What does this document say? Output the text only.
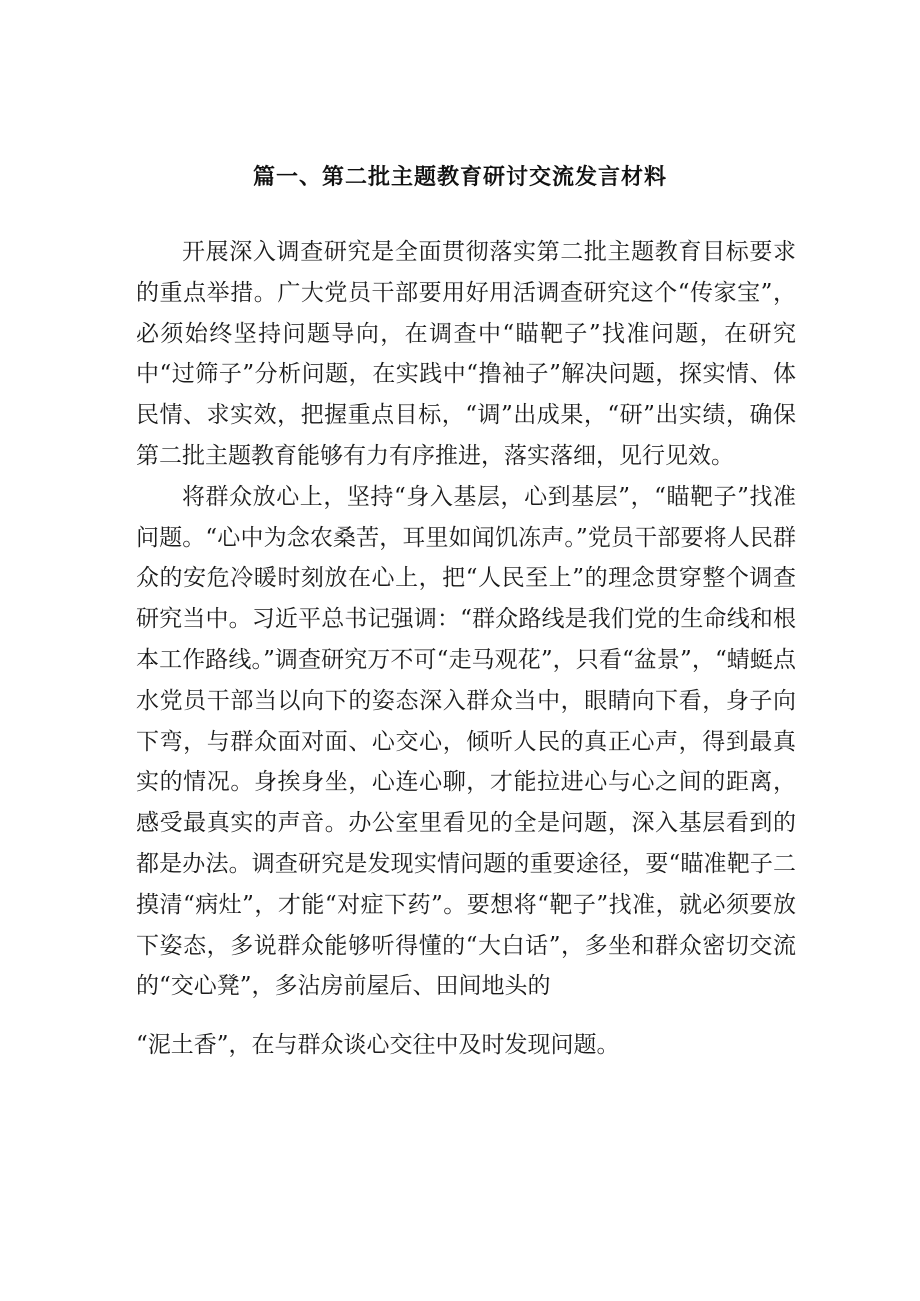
篇一、第二批主题教育研讨交流发言材料

开展深入调查研究是全面贯彻落实第二批主题教育目标要求的重点举措。广大党员干部要用好用活调查研究这个“传家宝”，必须始终坚持问题导向，在调查中“瞄靶子”找准问题，在研究中“过筛子”分析问题，在实践中“撸袖子”解决问题，探实情、体民情、求实效，把握重点目标，“调”出成果，“研”出实绩，确保第二批主题教育能够有力有序推进，落实落细，见行见效。

将群众放心上，坚持“身入基层，心到基层”，“瞄靶子”找准问题。“心中为念农桑苦，耳里如闻饥冻声。”党员干部要将人民群众的安危冷暖时刻放在心上，把“人民至上”的理念贯穿整个调查研究当中。习近平总书记强调：“群众路线是我们党的生命线和根本工作路线。”调查研究万不可“走马观花”，只看“盆景”，“蜻蜓点水党员干部当以向下的姿态深入群众当中，眼睛向下看，身子向下弯，与群众面对面、心交心，倾听人民的真正心声，得到最真实的情况。身挨身坐，心连心聊，才能拉进心与心之间的距离，感受最真实的声音。办公室里看见的全是问题，深入基层看到的都是办法。调查研究是发现实情问题的重要途径，要“瞄准靶子二摸清“病灶”，才能“对症下药”。要想将“靶子”找准，就必须要放下姿态，多说群众能够听得懂的“大白话”，多坐和群众密切交流的“交心凳”，多沾房前屋后、田间地头的

“泥土香”，在与群众谈心交往中及时发现问题。
